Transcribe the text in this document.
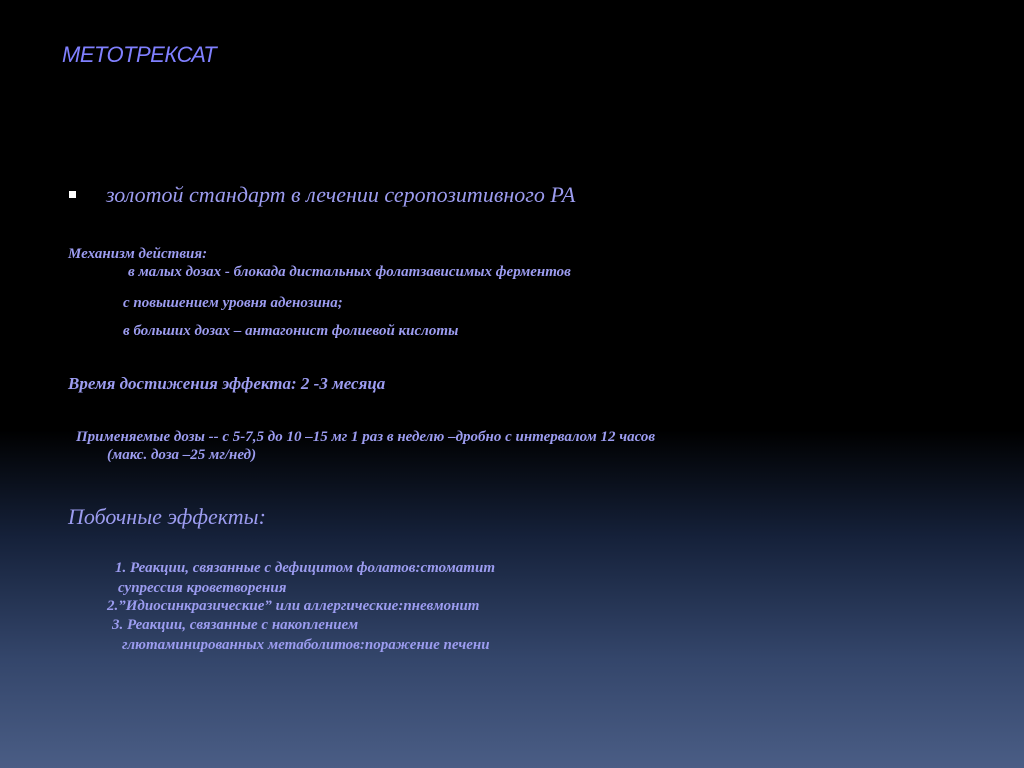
МЕТОТРЕКСАТ
золотой стандарт в лечении серопозитивного РА
Механизм действия:
в малых дозах - блокада дистальных фолатзависимых ферментов
с повышением уровня аденозина;
в больших дозах – антагонист фолиевой кислоты
Время достижения эффекта: 2 -3 месяца
Применяемые дозы -- с 5-7,5 до 10 –15 мг 1 раз в неделю –дробно с интервалом 12 часов
(макс. доза –25 мг/нед)
Побочные эффекты:
1. Реакции, связанные с дефицитом фолатов:стоматит
супрессия кроветворения
2.”Идиосинкразические” или аллергические:пневмонит
3. Реакции, связанные с накоплением
глютаминированных метаболитов:поражение печени
